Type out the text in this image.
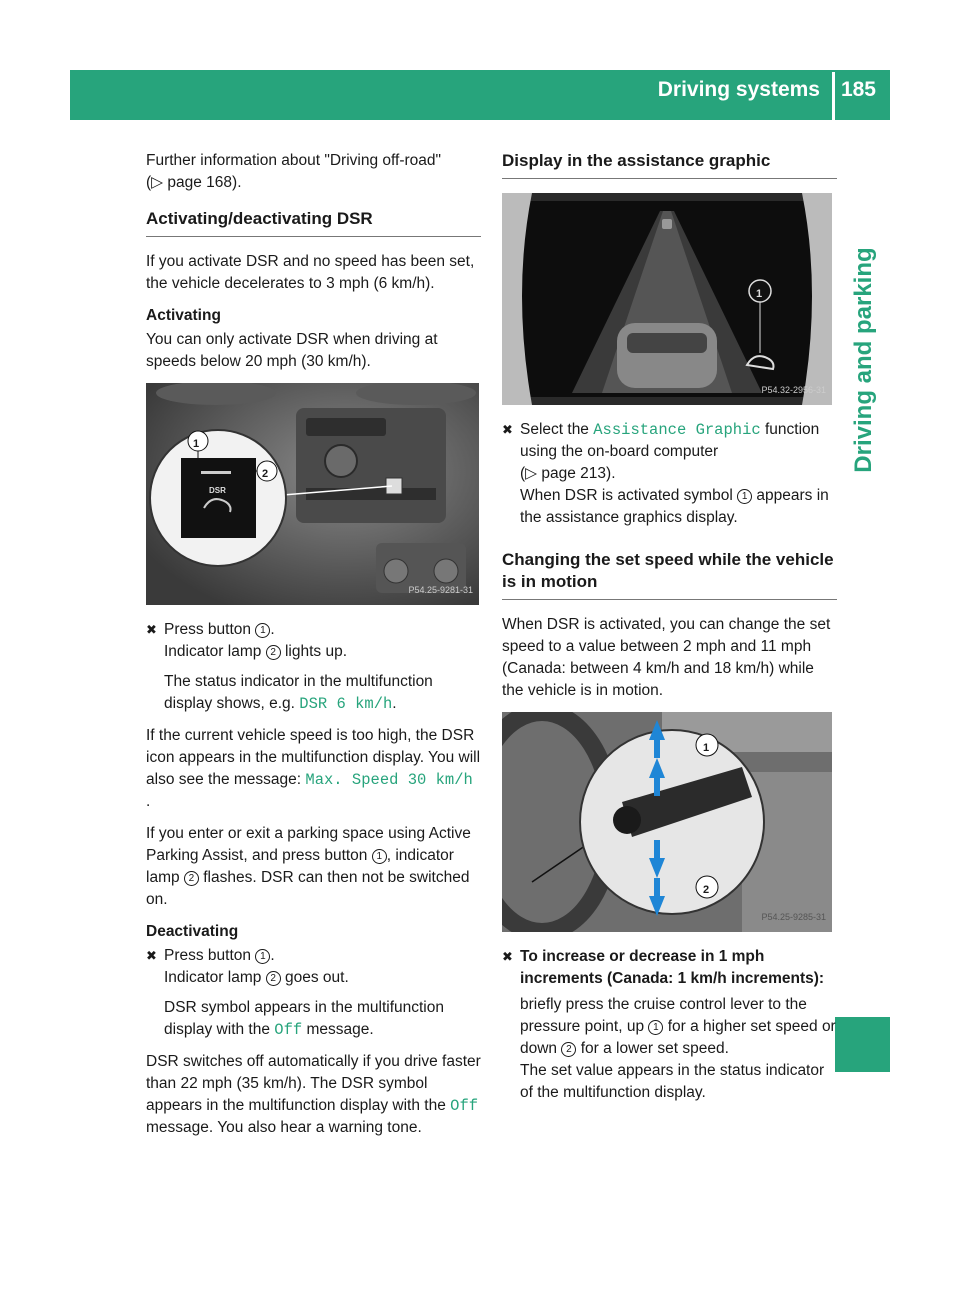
Driving systems 185
Driving and parking

Further information about "Driving off-road"
(▷ page 168).

Activating/deactivating DSR

If you activate DSR and no speed has been set, the vehicle decelerates to 3 mph (6 km/h).

Activating

You can only activate DSR when driving at speeds below 20 mph (30 km/h).

DSR
1
2
P54.25-9281-31
✖ Press button 1 .
Indicator lamp 2 lights up.
The status indicator in the multifunction display shows, e.g. DSR 6 km/h.

If the current vehicle speed is too high, the DSR icon appears in the multifunction display. You will also see the message: Max. Speed 30 km/h .

If you enter or exit a parking space using Active Parking Assist, and press button 1 , indicator lamp 2 flashes. DSR can then not be switched on.

Deactivating
✖ Press button 1 .
Indicator lamp 2 goes out.
DSR symbol appears in the multifunction display with the Off message.

DSR switches off automatically if you drive faster than 22 mph (35 km/h). The DSR symbol appears in the multifunction display with the Off message. You also hear a warning tone.

Display in the assistance graphic
1
P54.32-2956-31
✖ Select the Assistance Graphic function using the on-board computer
(▷ page 213).
When DSR is activated symbol 1 appears in the assistance graphics display.
Changing the set speed while the vehicle is in motion

When DSR is activated, you can change the set speed to a value between 2 mph and 11 mph (Canada: between 4 km/h and 18 km/h) while the vehicle is in motion.

1
2
P54.25-9285-31
✖ To increase or decrease in 1 mph increments (Canada: 1 km/h increments):
briefly press the cruise control lever to the pressure point, up 1 for a higher set speed or down 2 for a lower set speed.
The set value appears in the status indicator of the multifunction display.
